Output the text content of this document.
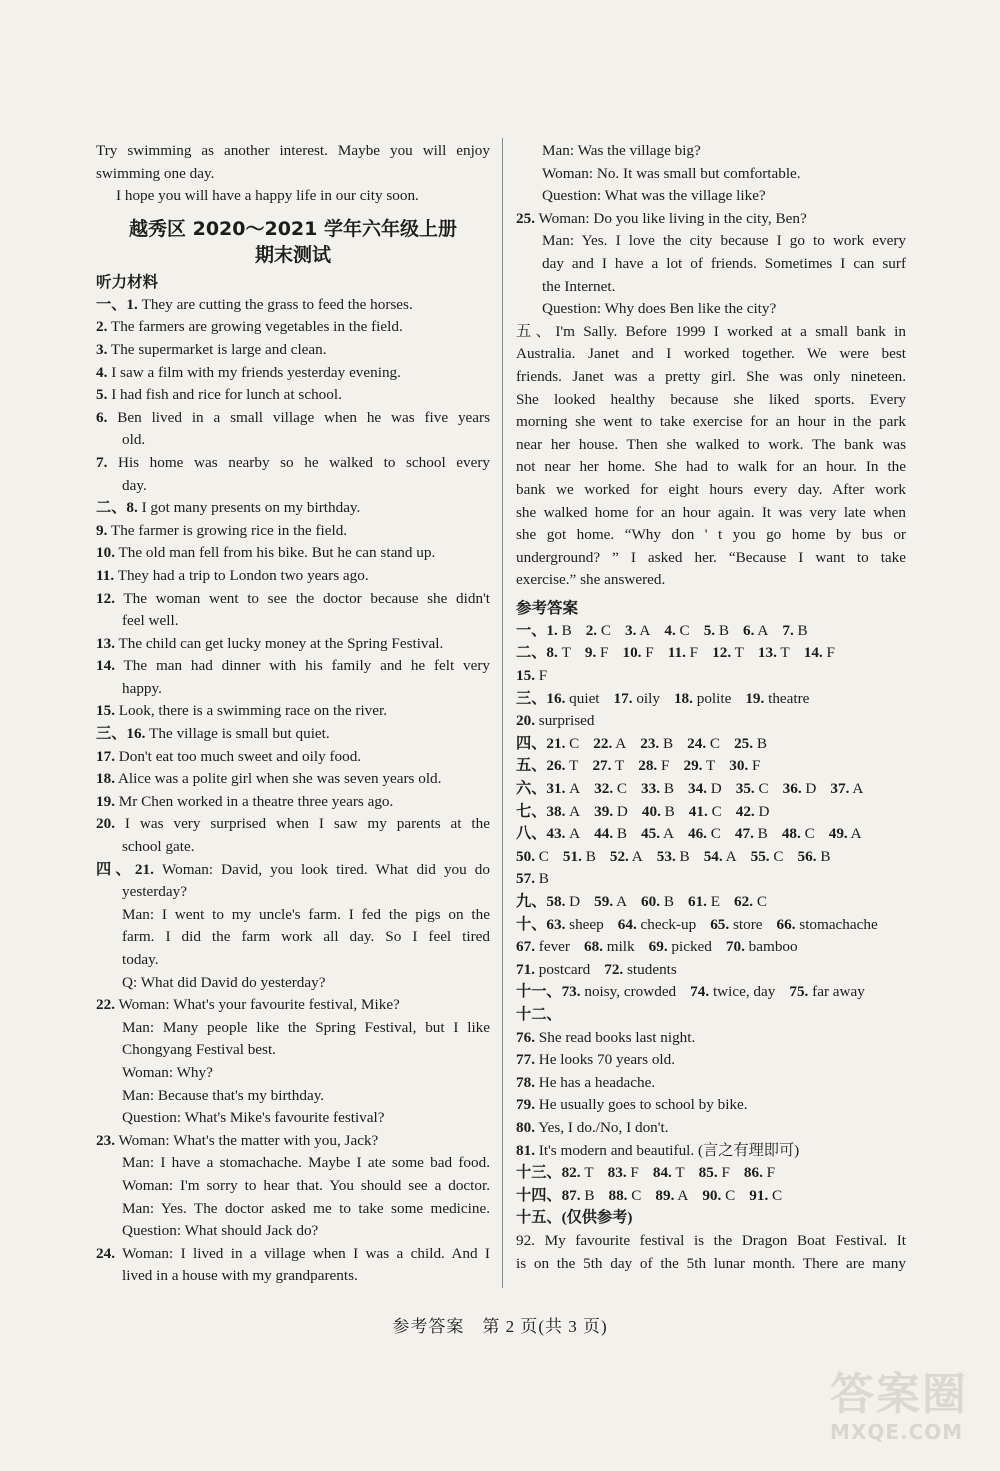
Try swimming as another interest. Maybe you will enjoy
swimming one day.
I hope you will have a happy life in our city soon.
越秀区 2020～2021 学年六年级上册
期末测试
听力材料
一、1. They are cutting the grass to feed the horses.
2. The farmers are growing vegetables in the field.
3. The supermarket is large and clean.
4. I saw a film with my friends yesterday evening.
5. I had fish and rice for lunch at school.
6. Ben lived in a small village when he was five years
old.
7. His home was nearby so he walked to school every
day.
二、8. I got many presents on my birthday.
9. The farmer is growing rice in the field.
10. The old man fell from his bike. But he can stand up.
11. They had a trip to London two years ago.
12. The woman went to see the doctor because she didn't
feel well.
13. The child can get lucky money at the Spring Festival.
14. The man had dinner with his family and he felt very
happy.
15. Look, there is a swimming race on the river.
三、16. The village is small but quiet.
17. Don't eat too much sweet and oily food.
18. Alice was a polite girl when she was seven years old.
19. Mr Chen worked in a theatre three years ago.
20. I was very surprised when I saw my parents at the
school gate.
四、21. Woman: David, you look tired. What did you do
yesterday?
Man: I went to my uncle's farm. I fed the pigs on the
farm. I did the farm work all day. So I feel tired
today.
Q: What did David do yesterday?
22. Woman: What's your favourite festival, Mike?
Man: Many people like the Spring Festival, but I like
Chongyang Festival best.
Woman: Why?
Man: Because that's my birthday.
Question: What's Mike's favourite festival?
23. Woman: What's the matter with you, Jack?
Man: I have a stomachache. Maybe I ate some bad food.
Woman: I'm sorry to hear that. You should see a doctor.
Man: Yes. The doctor asked me to take some medicine.
Question: What should Jack do?
24. Woman: I lived in a village when I was a child. And I
lived in a house with my grandparents.
Man: Was the village big?
Woman: No. It was small but comfortable.
Question: What was the village like?
25. Woman: Do you like living in the city, Ben?
Man: Yes. I love the city because I go to work every
day and I have a lot of friends. Sometimes I can surf
the Internet.
Question: Why does Ben like the city?
五、I'm Sally. Before 1999 I worked at a small bank in
Australia. Janet and I worked together. We were best
friends. Janet was a pretty girl. She was only nineteen.
She looked healthy because she liked sports. Every
morning she went to take exercise for an hour in the park
near her house. Then she walked to work. The bank was
not near her home. She had to walk for an hour. In the
bank we worked for eight hours every day. After work
she walked home for an hour again. It was very late when
she got home. “Why don ' t you go home by bus or
underground? ” I asked her. “Because I want to take
exercise.” she answered.
参考答案
一、1. B 2. C 3. A 4. C 5. B 6. A 7. B
二、8. T 9. F 10. F 11. F 12. T 13. T 14. F
15. F
三、16. quiet 17. oily 18. polite 19. theatre
20. surprised
四、21. C 22. A 23. B 24. C 25. B
五、26. T 27. T 28. F 29. T 30. F
六、31. A 32. C 33. B 34. D 35. C 36. D 37. A
七、38. A 39. D 40. B 41. C 42. D
八、43. A 44. B 45. A 46. C 47. B 48. C 49. A
50. C 51. B 52. A 53. B 54. A 55. C 56. B
57. B
九、58. D 59. A 60. B 61. E 62. C
十、63. sheep 64. check-up 65. store 66. stomachache
67. fever 68. milk 69. picked 70. bamboo
71. postcard 72. students
十一、73. noisy, crowded 74. twice, day 75. far away
十二、
76. She read books last night.
77. He looks 70 years old.
78. He has a headache.
79. He usually goes to school by bike.
80. Yes, I do./No, I don't.
81. It's modern and beautiful. (言之有理即可)
十三、82. T 83. F 84. T 85. F 86. F
十四、87. B 88. C 89. A 90. C 91. C
十五、(仅供参考)
92. My favourite festival is the Dragon Boat Festival. It
is on the 5th day of the 5th lunar month. There are many
参考答案　第 2 页(共 3 页)
答案圈
MXQE.COM
